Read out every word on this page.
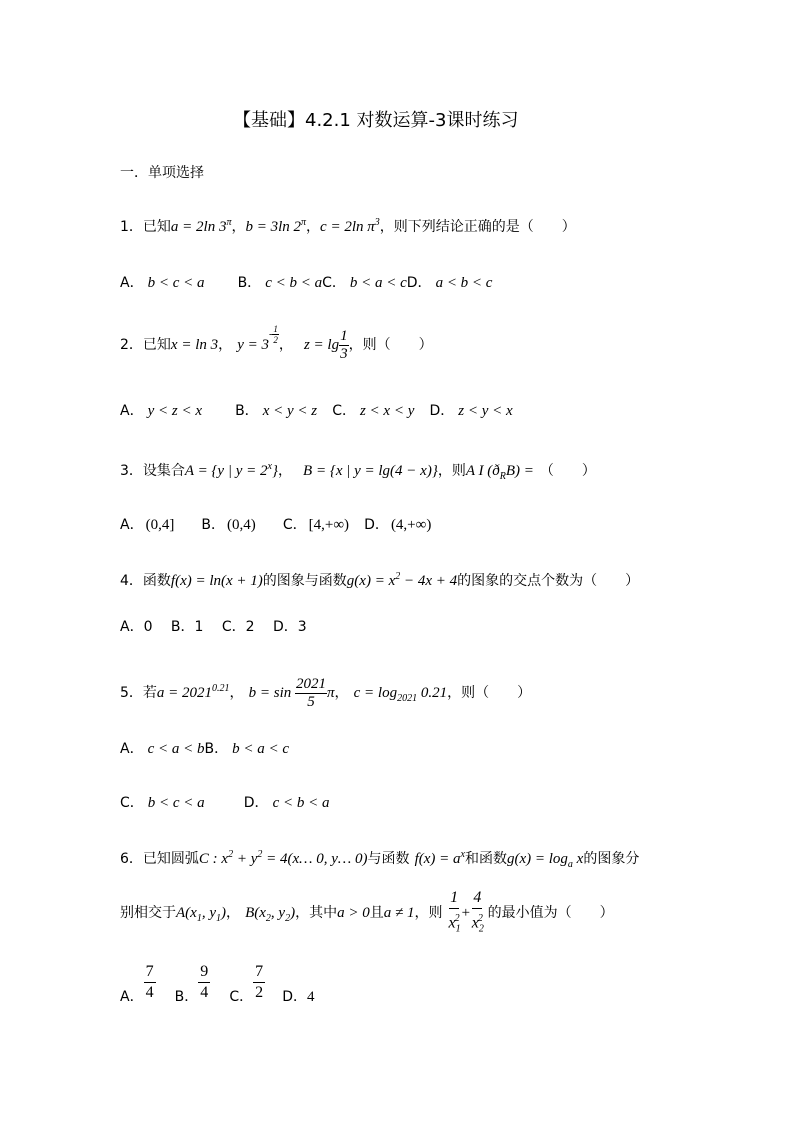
【基础】4.2.1 对数运算-3课时练习
一．单项选择
1．已知a = 2ln $3^\pi$，b = 3ln $2^\pi$，c = 2ln $\pi^3$，则下列结论正确的是（　　）
A． b < c < a B． c < b < aC． b < a < cD． a < b < c
2．已知x = ln 3， $y = 3^{- \frac{1}{2}}$ ， $z = \lg \frac{1}{3}$ ，则（　　）
A． y < z < x B． x < y < z C． z < x < y D． z < y < x
3．设集合A = {y | $y = 2^x$}， B = {x | y = lg(4 − x)}，则A I $(ð_RB)$ = （　　）
A． (0,4] B． (0,4) C． [4,+∞) D． (4,+∞)
4．函数f(x) = ln(x + 1)的图象与函数$g(x) = x^2 - 4x + 4$的图象的交点个数为（　　）
A．0　 B．1　 C．2　 D．3
5．若$a = 2021^{0.21}$， $b = \sin \frac{2021}{5}$ π， $c = \log_{2021} 0.21$，则（　　）
A． c < a < bB． b < a < c
C． b < c < a	D． c < b < a
6．已知圆弧C : $x^2 + y^2$ = 4(x… 0, y… 0)与函数 $f(x) = a^x$和函数$g(x) = \log_a x$的图象分
别相交于$A(x_1$, $y_1$)， $B(x_2$, $y_2$)，其中a > 0且a ≠ 1，则 $\frac{1}{x_1^2} + \frac{4}{x_2^2}$ 的最小值为（　　）
A． $\frac{7}{4}$ B． $\frac{9}{4}$ C． $\frac{7}{2}$ D．4
